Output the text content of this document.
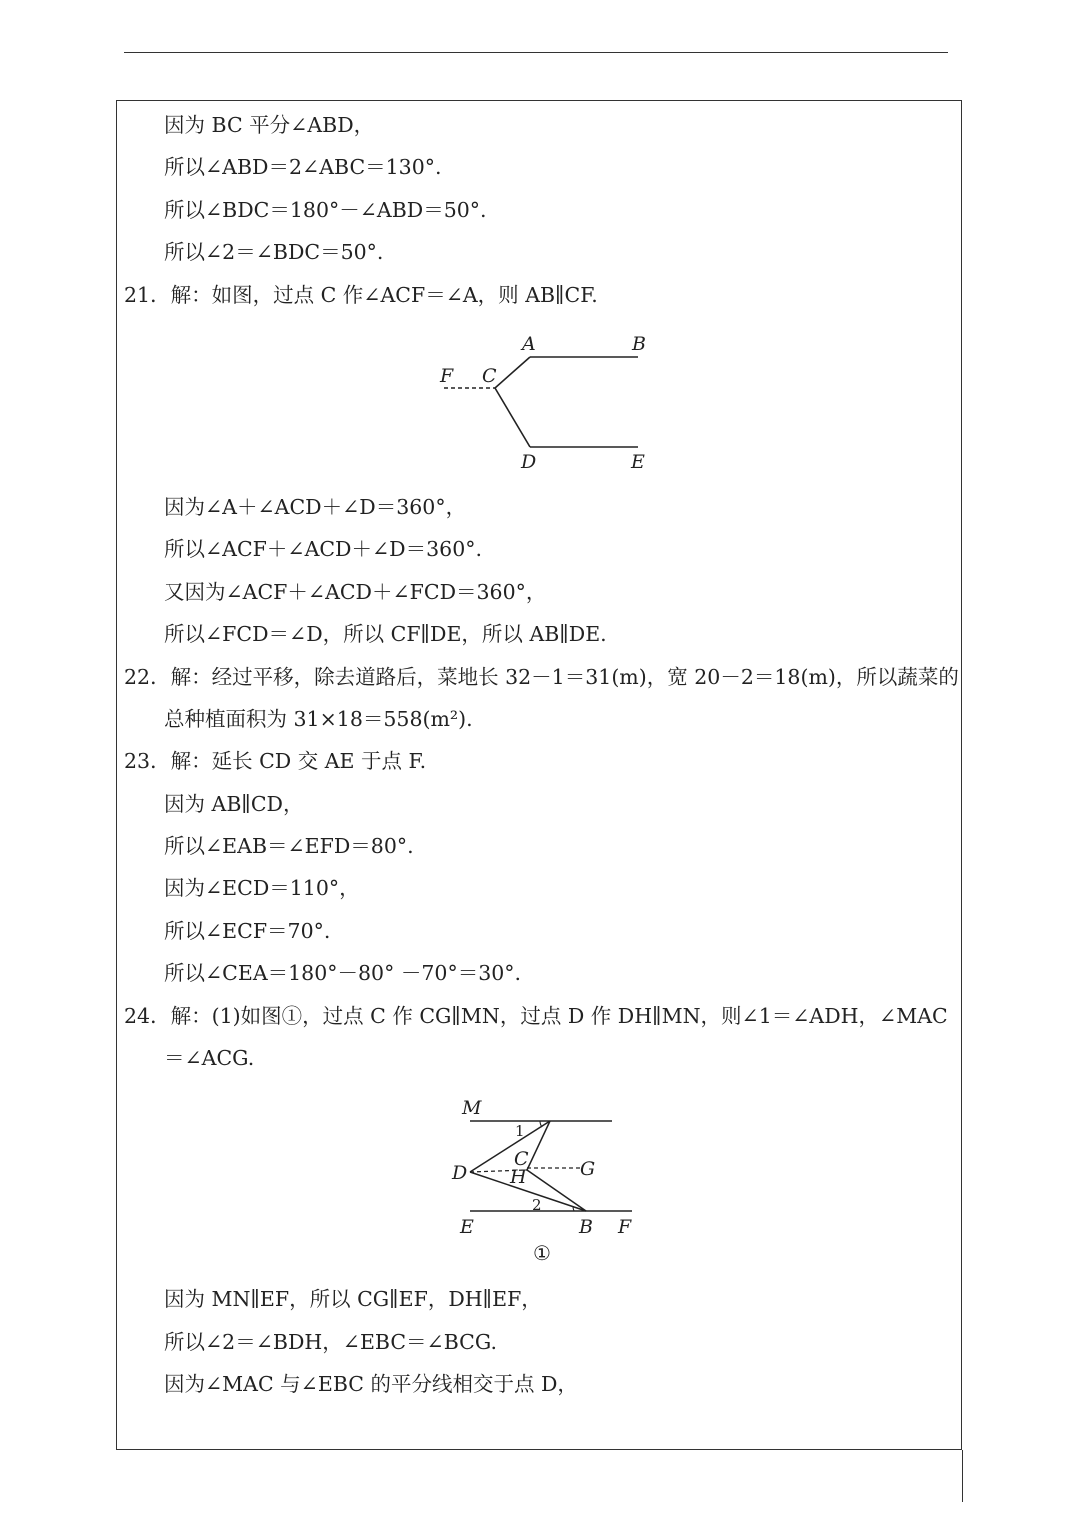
因为 BC 平分∠ABD，
所以∠ABD＝2∠ABC＝130°.
所以∠BDC＝180°－∠ABD＝50°.
所以∠2＝∠BDC＝50°.
21．解：如图，过点 C 作∠ACF＝∠A，则 AB∥CF.
A	B
C
F
D	E
因为∠A＋∠ACD＋∠D＝360°，
所以∠ACF＋∠ACD＋∠D＝360°.
又因为∠ACF＋∠ACD＋∠FCD＝360°，
所以∠FCD＝∠D，所以 CF∥DE，所以 AB∥DE.
22．解：经过平移，除去道路后，菜地长 32－1＝31(m)，宽 20－2＝18(m)，所以蔬菜的
总种植面积为 31×18＝558(m²).
23．解：延长 CD 交 AE 于点 F.
因为 AB∥CD，
所以∠EAB＝∠EFD＝80°.
因为∠ECD＝110°，
所以∠ECF＝70°.
所以∠CEA＝180°－80° －70°＝30°.
24．解：(1)如图①，过点 C 作 CG∥MN，过点 D 作 DH∥MN，则∠1＝∠ADH，∠MAC
＝∠ACG.
M
1
C
D H	G
2
E	B F
①
因为 MN∥EF，所以 CG∥EF，DH∥EF，
所以∠2＝∠BDH，∠EBC＝∠BCG.
因为∠MAC 与∠EBC 的平分线相交于点 D，
